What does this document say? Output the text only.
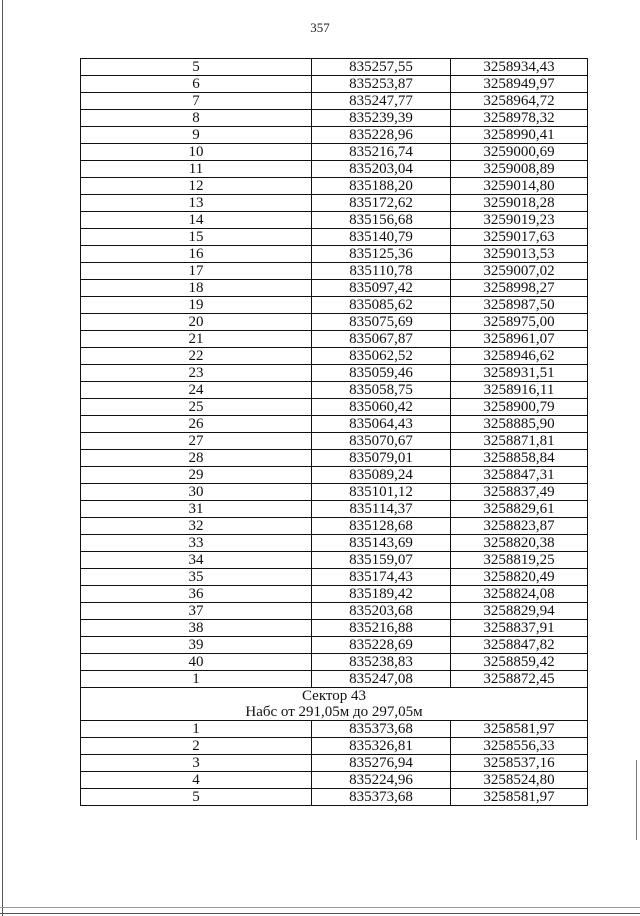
357
5	835257,55	3258934,43
6	835253,87	3258949,97
7	835247,77	3258964,72
8	835239,39	3258978,32
9	835228,96	3258990,41
10	835216,74	3259000,69
11	835203,04	3259008,89
12	835188,20	3259014,80
13	835172,62	3259018,28
14	835156,68	3259019,23
15	835140,79	3259017,63
16	835125,36	3259013,53
17	835110,78	3259007,02
18	835097,42	3258998,27
19	835085,62	3258987,50
20	835075,69	3258975,00
21	835067,87	3258961,07
22	835062,52	3258946,62
23	835059,46	3258931,51
24	835058,75	3258916,11
25	835060,42	3258900,79
26	835064,43	3258885,90
27	835070,67	3258871,81
28	835079,01	3258858,84
29	835089,24	3258847,31
30	835101,12	3258837,49
31	835114,37	3258829,61
32	835128,68	3258823,87
33	835143,69	3258820,38
34	835159,07	3258819,25
35	835174,43	3258820,49
36	835189,42	3258824,08
37	835203,68	3258829,94
38	835216,88	3258837,91
39	835228,69	3258847,82
40	835238,83	3258859,42
1	835247,08	3258872,45

Сектор 43
Набс от 291,05м до 297,05м		

1	835373,68	3258581,97
2	835326,81	3258556,33
3	835276,94	3258537,16
4	835224,96	3258524,80
5	835373,68	3258581,97
